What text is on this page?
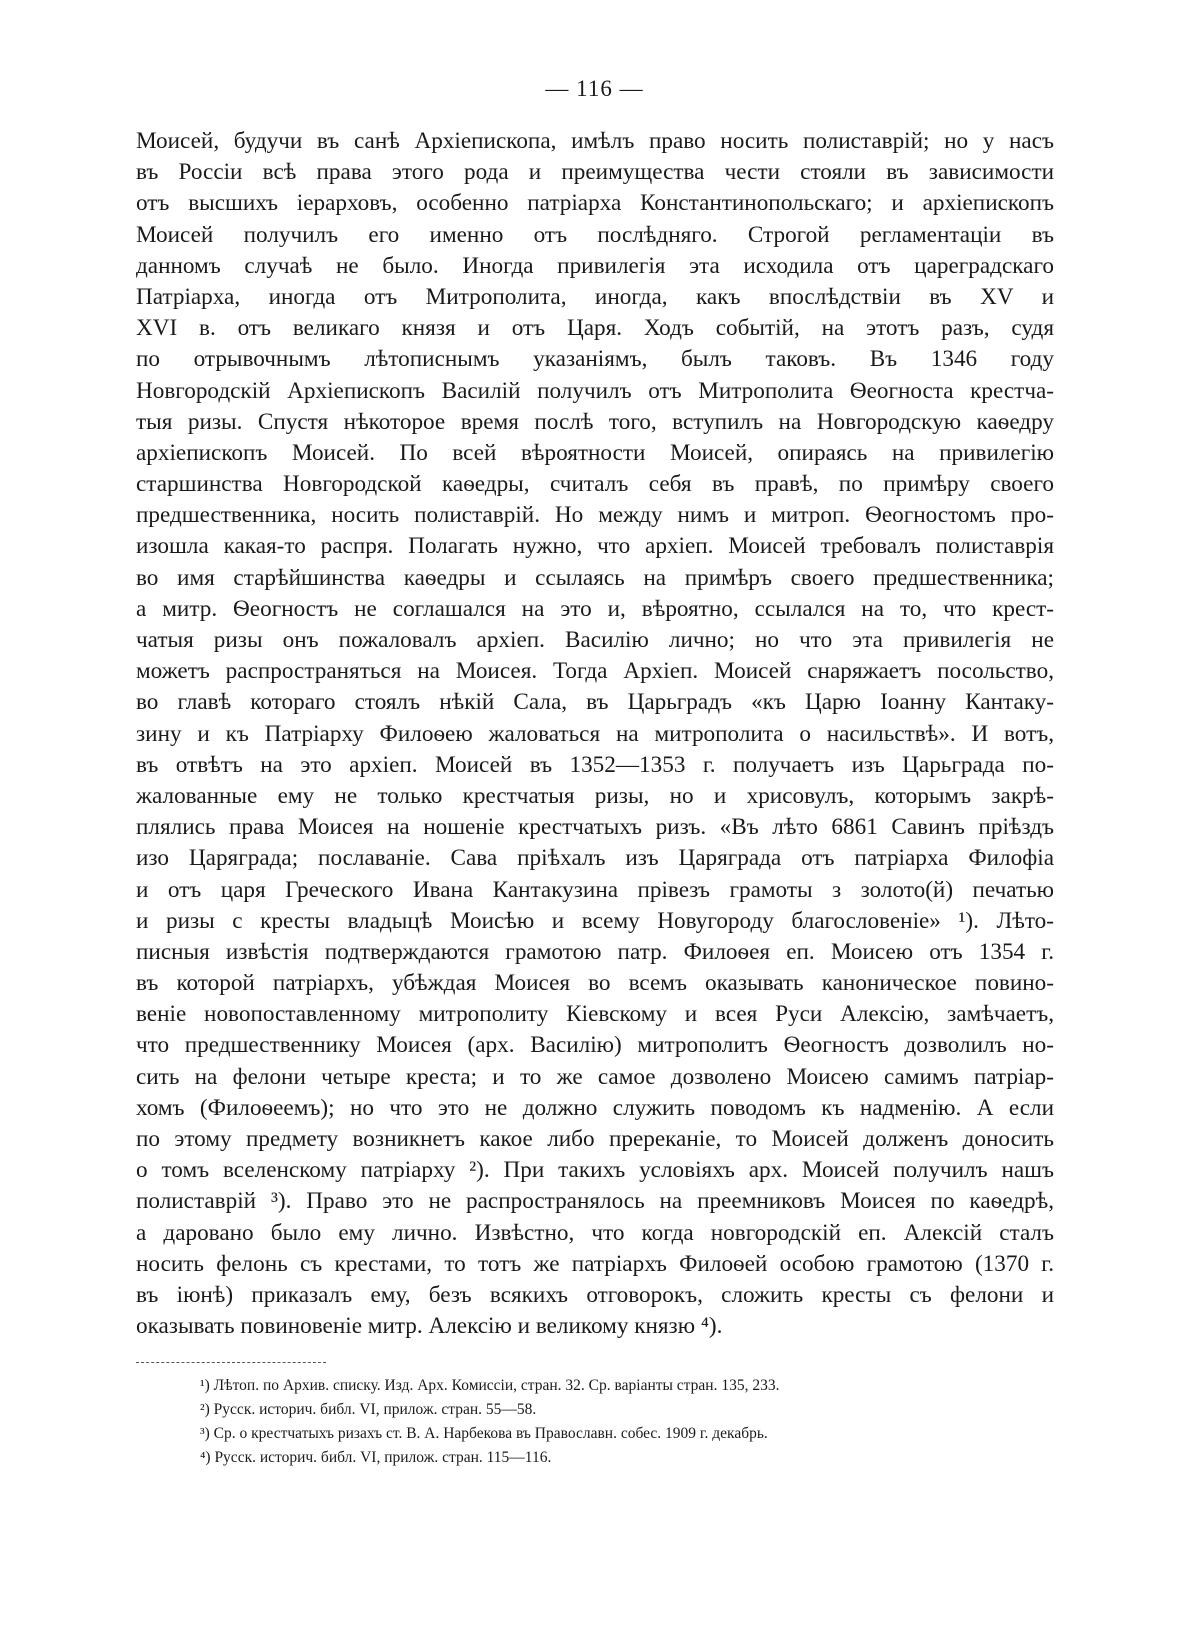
— 116 —
Моисей, будучи въ санѣ Архіепископа, имѣлъ право носить полиставрій; но у насъ
въ Россіи всѣ права этого рода и преимущества чести стояли въ зависимости
отъ высшихъ іерарховъ, особенно патріарха Константинопольскаго; и архіепископъ
Моисей получилъ его именно отъ послѣдняго. Строгой регламентаціи въ
данномъ случаѣ не было. Иногда привилегія эта исходила отъ цареградскаго
Патріарха, иногда отъ Митрополита, иногда, какъ впослѣдствіи въ XV и
XVI в. отъ великаго князя и отъ Царя. Ходъ событій, на этотъ разъ, судя
по отрывочнымъ лѣтописнымъ указаніямъ, былъ таковъ. Въ 1346 году
Новгородскій Архіепископъ Василій получилъ отъ Митрополита Ѳеогноста крестча-
тыя ризы. Спустя нѣкоторое время послѣ того, вступилъ на Новгородскую каѳедру
архіепископъ Моисей. По всей вѣроятности Моисей, опираясь на привилегію
старшинства Новгородской каѳедры, считалъ себя въ правѣ, по примѣру своего
предшественника, носить полиставрій. Но между нимъ и митроп. Ѳеогностомъ про-
изошла какая-то распря. Полагать нужно, что архіеп. Моисей требовалъ полиставрія
во имя старѣйшинства каѳедры и ссылаясь на примѣръ своего предшественника;
а митр. Ѳеогностъ не соглашался на это и, вѣроятно, ссылался на то, что крест-
чатыя ризы онъ пожаловалъ архіеп. Василію лично; но что эта привилегія не
можетъ распространяться на Моисея. Тогда Архіеп. Моисей снаряжаетъ посольство,
во главѣ котораго стоялъ нѣкій Сала, въ Царьградъ «къ Царю Іоанну Кантаку-
зину и къ Патріарху Филоѳею жаловаться на митрополита о насильствѣ». И вотъ,
въ отвѣтъ на это архіеп. Моисей въ 1352—1353 г. получаетъ изъ Царьграда по-
жалованные ему не только крестчатыя ризы, но и хрисовулъ, которымъ закрѣ-
плялись права Моисея на ношеніе крестчатыхъ ризъ. «Въ лѣто 6861 Савинъ пріѣздъ
изо Царяграда; пославаніе. Сава пріѣхалъ изъ Царяграда отъ патріарха Филофіа
и отъ царя Греческого Ивана Кантакузина прівезъ грамоты з золото(й) печатью
и ризы с кресты владыцѣ Моисѣю и всему Новугороду благословеніе» ¹). Лѣто-
писныя извѣстія подтверждаются грамотою патр. Филоѳея еп. Моисею отъ 1354 г.
въ которой патріархъ, убѣждая Моисея во всемъ оказывать каноническое повино-
веніе новопоставленному митрополиту Кіевскому и всея Руси Алексію, замѣчаетъ,
что предшественнику Моисея (арх. Василію) митрополитъ Ѳеогностъ дозволилъ но-
сить на фелони четыре креста; и то же самое дозволено Моисею самимъ патріар-
хомъ (Филоѳеемъ); но что это не должно служить поводомъ къ надменію. А если
по этому предмету возникнетъ какое либо пререканіе, то Моисей долженъ доносить
о томъ вселенскому патріарху ²). При такихъ условіяхъ арх. Моисей получилъ нашъ
полиставрій ³). Право это не распространялось на преемниковъ Моисея по каѳедрѣ,
а даровано было ему лично. Извѣстно, что когда новгородскій еп. Алексій сталъ
носить фелонь съ крестами, то тотъ же патріархъ Филоѳей особою грамотою (1370 г.
въ іюнѣ) приказалъ ему, безъ всякихъ отговорокъ, сложить кресты съ фелони и
оказывать повиновеніе митр. Алексію и великому князю ⁴).
¹) Лѣтоп. по Архив. списку. Изд. Арх. Комиссіи, стран. 32. Ср. варіанты стран. 135, 233.
²) Русск. историч. библ. VI, прилож. стран. 55—58.
³) Ср. о крестчатыхъ ризахъ ст. В. А. Нарбекова въ Православн. собес. 1909 г. декабрь.
⁴) Русск. историч. библ. VI, прилож. стран. 115—116.
